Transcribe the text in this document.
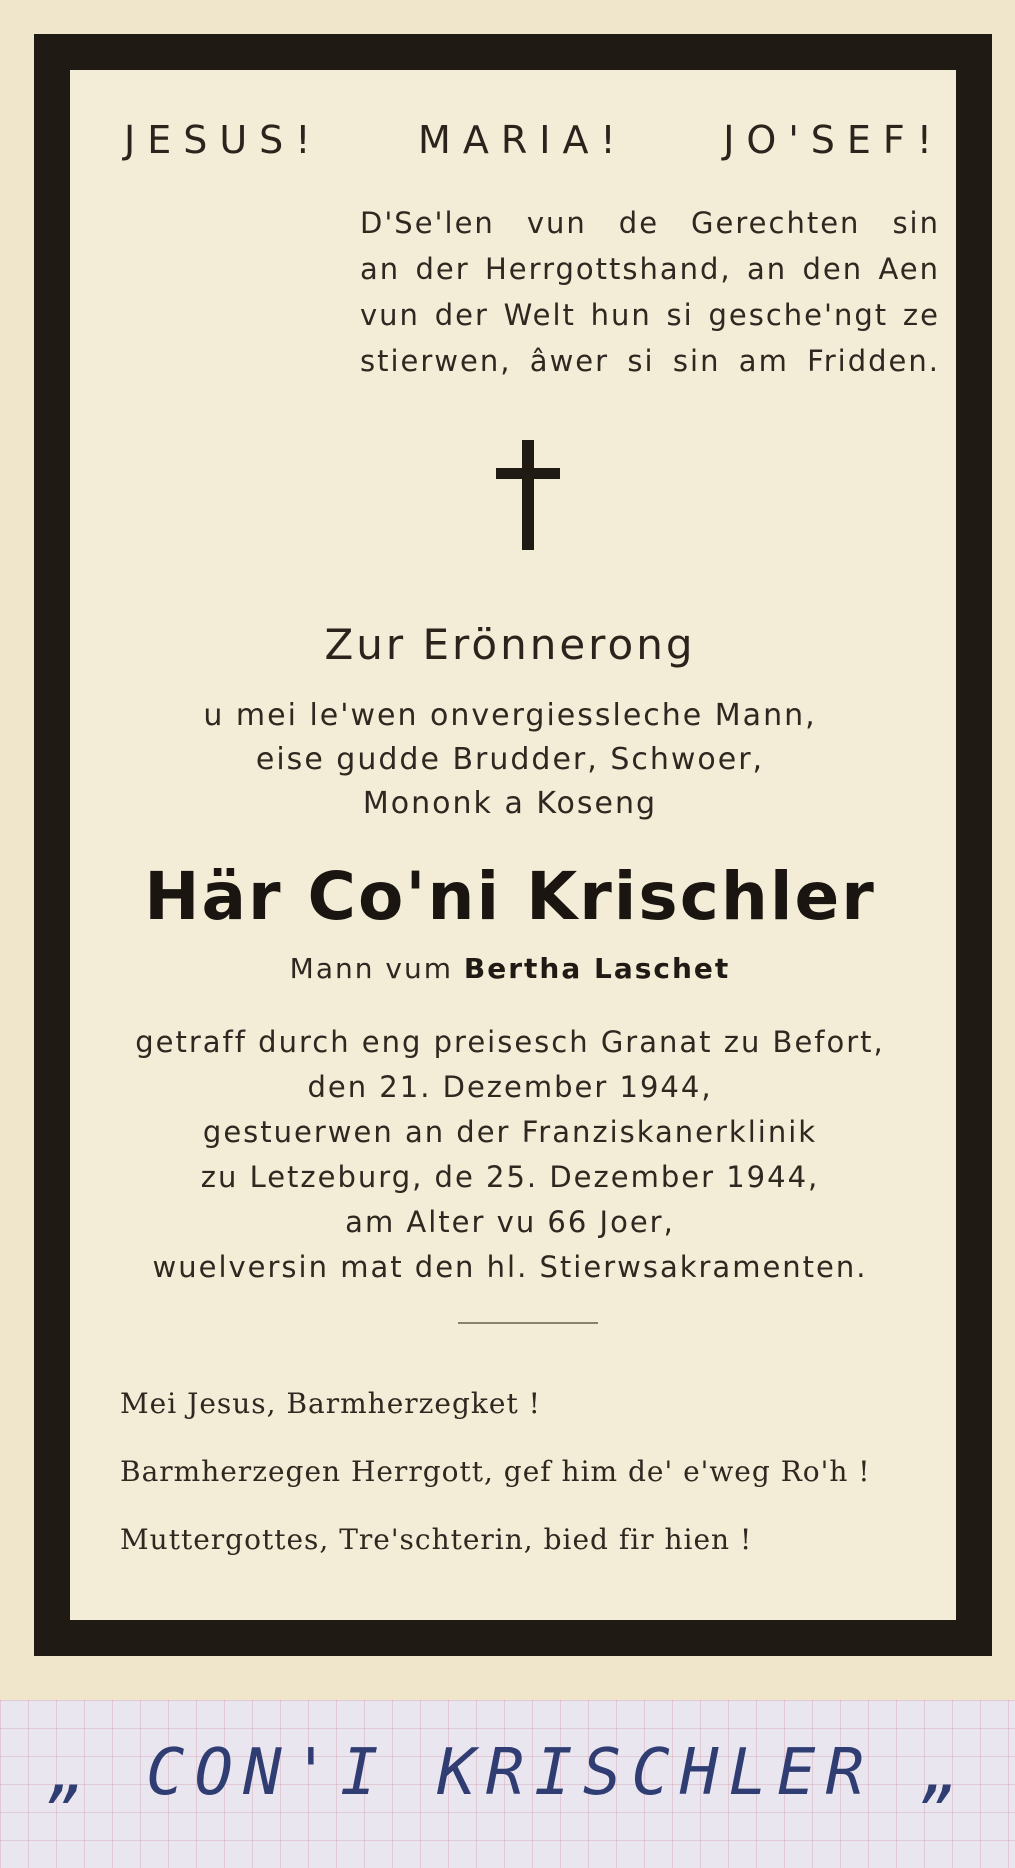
JESUS!	MARIA!	JO'SEF!
D'Se'len vun de Gerechten sin
an der Herrgottshand, an den Aen
vun der Welt hun si gesche'ngt ze
stierwen, âwer si sin am Fridden.
Zur Erönnerong
u mei le'wen onvergiessleche Mann,
eise gudde Brudder, Schwoer,
Mononk a Koseng
Här Co'ni Krischler
Mann vum Bertha Laschet
getraff durch eng preisesch Granat zu Befort,
den 21. Dezember 1944,
gestuerwen an der Franziskanerklinik
zu Letzeburg, de 25. Dezember 1944,
am Alter vu 66 Joer,
wuelversin mat den hl. Stierwsakramenten.
Mei Jesus, Barmherzegket !
Barmherzegen Herrgott, gef him de' e'weg Ro'h !
Muttergottes, Tre'schterin, bied fir hien !
„ CON'I KRISCHLER „
